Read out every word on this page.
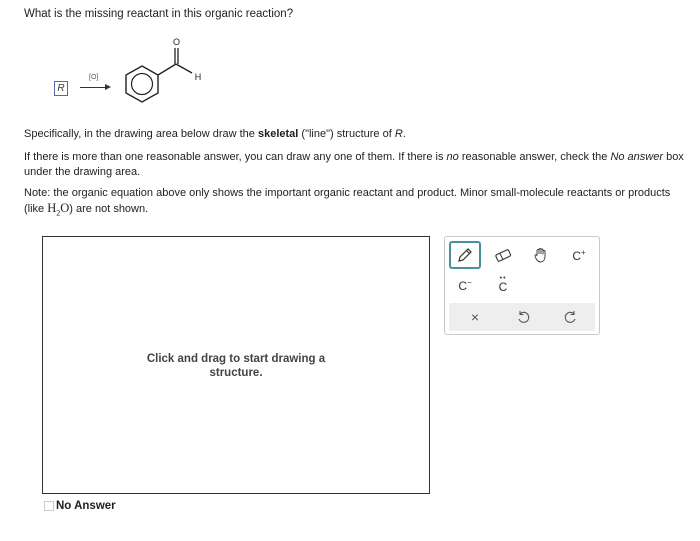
What is the missing reactant in this organic reaction?
R
[O]
O
H
Specifically, in the drawing area below draw the skeletal ("line") structure of R.
If there is more than one reasonable answer, you can draw any one of them. If there is no reasonable answer, check the No answer box under the drawing area.
Note: the organic equation above only shows the important organic reactant and product. Minor small-molecule reactants or products (like $H_2O$) are not shown.
Click and drag to start drawing a
structure.
C+
C−	••
C
×
No Answer
